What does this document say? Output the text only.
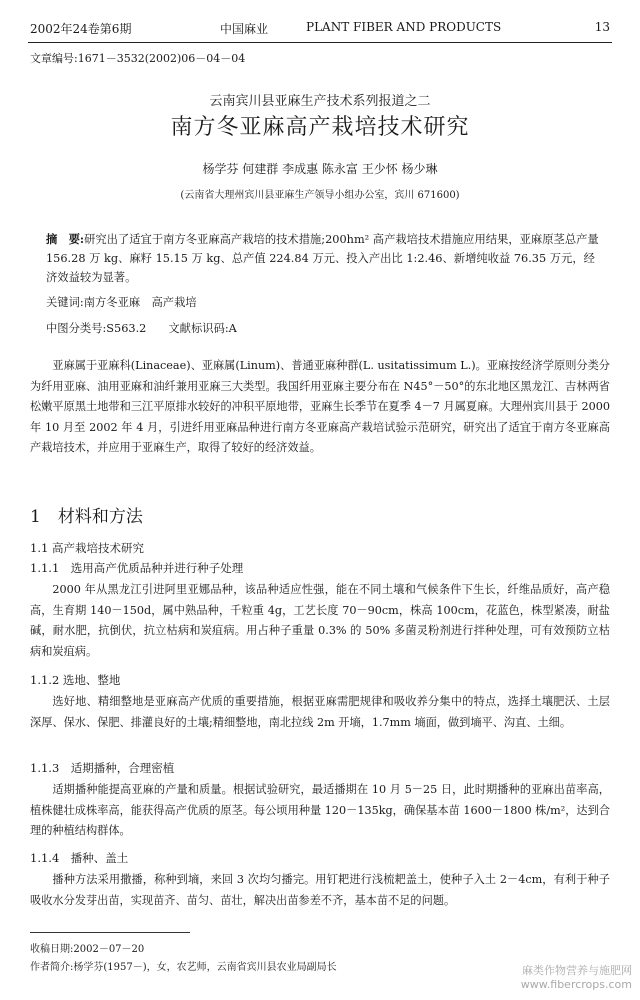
2002年24卷第6期	中国麻业	PLANT FIBER AND PRODUCTS	13
文章编号:1671－3532(2002)06－04－04
云南宾川县亚麻生产技术系列报道之二
南方冬亚麻高产栽培技术研究
杨学芬 何建群 李成惠 陈永富 王少怀 杨少琳
(云南省大理州宾川县亚麻生产领导小组办公室，宾川 671600)
摘　要:研究出了适宜于南方冬亚麻高产栽培的技术措施;200hm² 高产栽培技术措施应用结果，亚麻原茎总产量 156.28 万 kg、麻籽 15.15 万 kg、总产值 224.84 万元、投入产出比 1:2.46、新增纯收益 76.35 万元，经济效益较为显著。
关键词:南方冬亚麻　高产栽培
中图分类号:S563.2 文献标识码:A
亚麻属于亚麻科(Linaceae)、亚麻属(Linum)、普通亚麻种群(L. usitatissimum L.)。亚麻按经济学原则分类分为纤用亚麻、油用亚麻和油纤兼用亚麻三大类型。我国纤用亚麻主要分布在 N45°－50°的东北地区黑龙江、吉林两省松嫩平原黑土地带和三江平原排水较好的冲积平原地带，亚麻生长季节在夏季 4－7 月属夏麻。大理州宾川县于 2000 年 10 月至 2002 年 4 月，引进纤用亚麻品种进行南方冬亚麻高产栽培试验示范研究，研究出了适宜于南方冬亚麻高产栽培技术，并应用于亚麻生产，取得了较好的经济效益。
1　材料和方法
1.1 高产栽培技术研究
1.1.1　选用高产优质品种并进行种子处理
2000 年从黑龙江引进阿里亚娜品种，该品种适应性强，能在不同土壤和气候条件下生长，纤维品质好，高产稳高，生育期 140－150d，属中熟品种，千粒重 4g，工艺长度 70－90cm，株高 100cm，花蓝色，株型紧凑，耐盐碱，耐水肥，抗倒伏，抗立枯病和炭疽病。用占种子重量 0.3% 的 50% 多菌灵粉剂进行拌种处理，可有效预防立枯病和炭疽病。
1.1.2 选地、整地
选好地、精细整地是亚麻高产优质的重要措施，根据亚麻需肥规律和吸收养分集中的特点，选择土壤肥沃、土层深厚、保水、保肥、排灌良好的土壤;精细整地，南北拉线 2m 开墒，1.7mm 墒面，做到墒平、沟直、土细。
1.1.3　适期播种，合理密植
适期播种能提高亚麻的产量和质量。根据试验研究，最适播期在 10 月 5－25 日，此时期播种的亚麻出苗率高，植株健壮成株率高，能获得高产优质的原茎。每公顷用种量 120－135kg，确保基本苗 1600－1800 株/m²，达到合理的种植结构群体。
1.1.4　播种、盖土
播种方法采用撒播，称种到墒，来回 3 次均匀播完。用钉耙进行浅梳耙盖土，使种子入土 2－4cm，有利于种子吸收水分发芽出苗，实现苗齐、苗匀、苗壮，解决出苗参差不齐，基本苗不足的问题。
收稿日期:2002－07－20
作者简介:杨学芬(1957－)，女，农艺师，云南省宾川县农业局副局长	麻类作物营养与施肥网
www.fibercrops.com
